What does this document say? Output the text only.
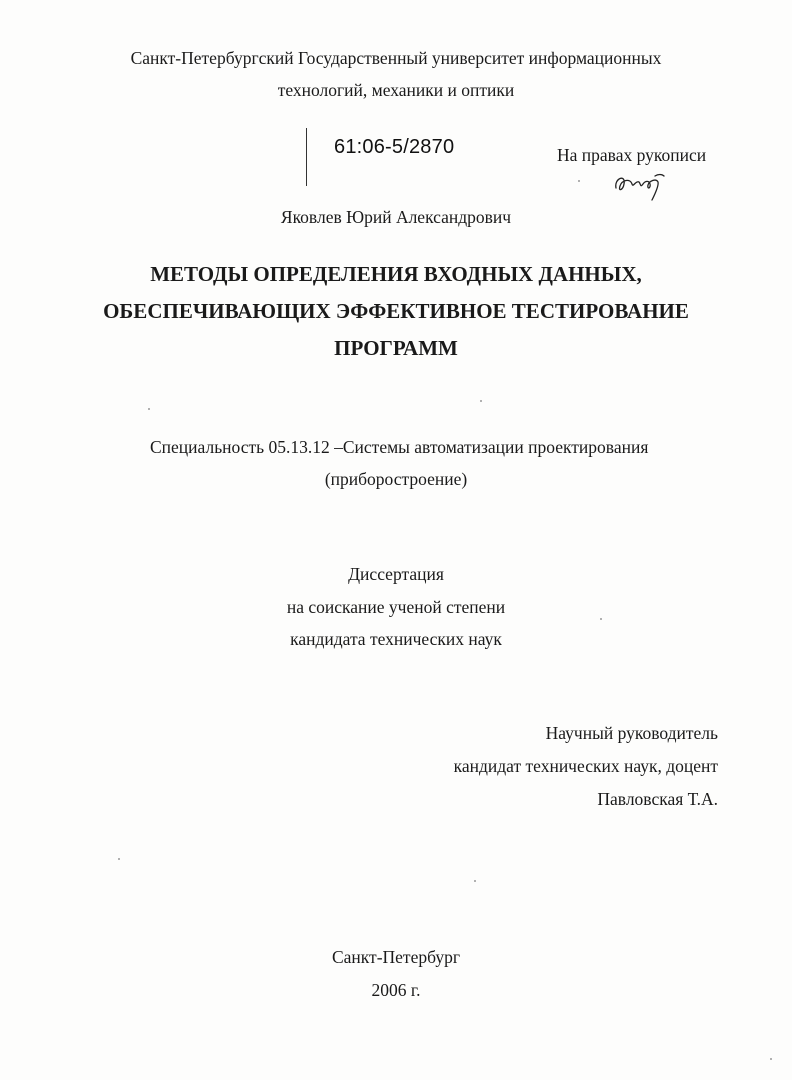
Санкт-Петербургский Государственный университет информационных
технологий, механики и оптики
61:06-5/2870	На правах рукописи
Яковлев Юрий Александрович
МЕТОДЫ ОПРЕДЕЛЕНИЯ ВХОДНЫХ ДАННЫХ,
ОБЕСПЕЧИВАЮЩИХ ЭФФЕКТИВНОЕ ТЕСТИРОВАНИЕ
ПРОГРАММ
Специальность 05.13.12 –Системы автоматизации проектирования
(приборостроение)
Диссертация
на соискание ученой степени
кандидата технических наук
Научный руководитель
кандидат технических наук, доцент
Павловская Т.А.
Санкт-Петербург
2006 г.
